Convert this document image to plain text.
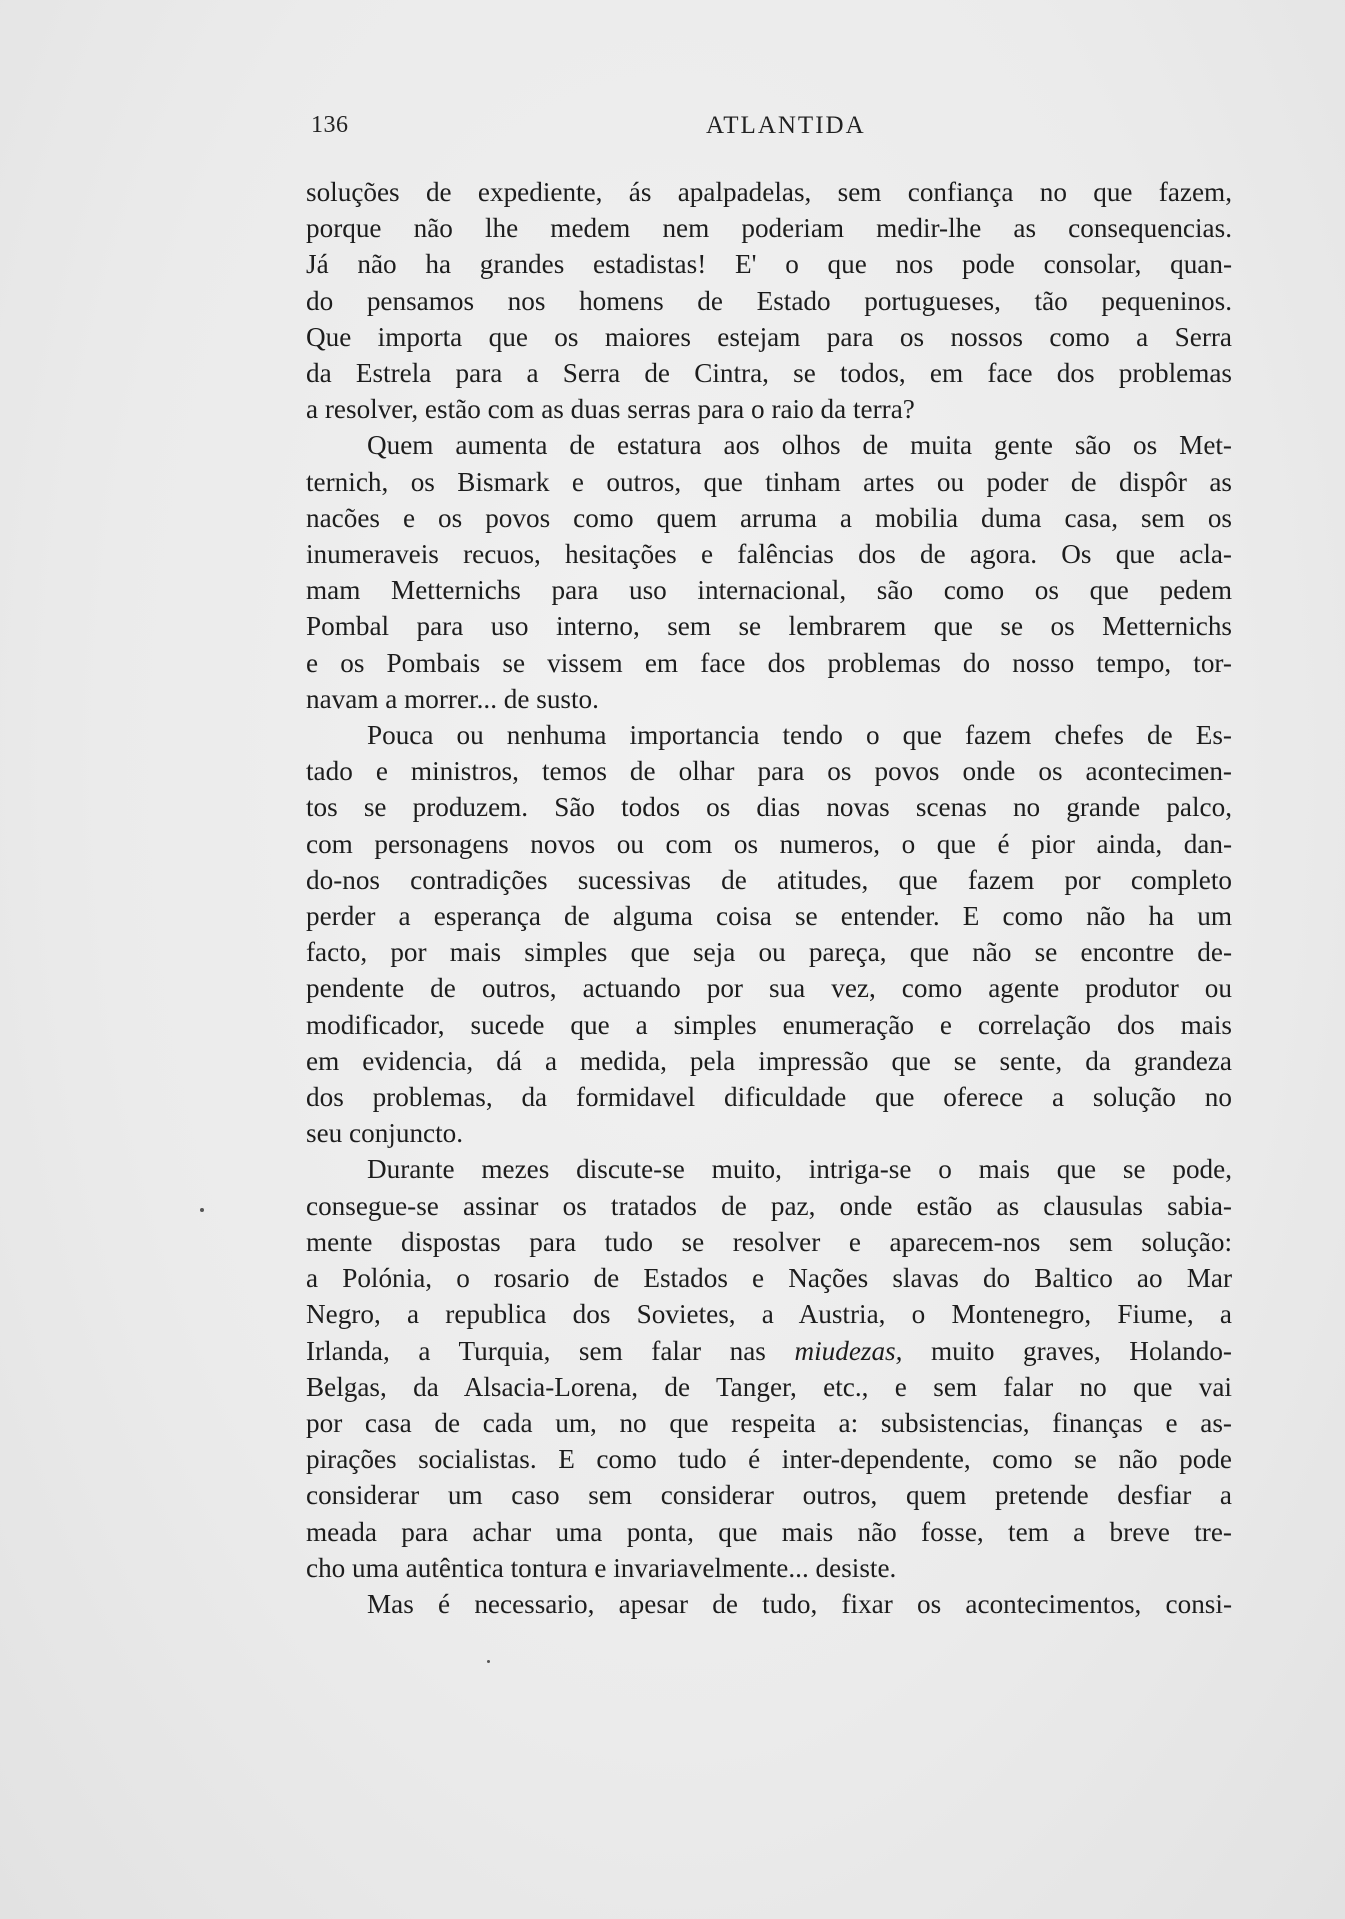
136	ATLANTIDA

soluções de expediente, ás apalpadelas, sem confiança no que fazem,
porque não lhe medem nem poderiam medir-lhe as consequencias.
Já não ha grandes estadistas! E' o que nos pode consolar, quan-
do pensamos nos homens de Estado portugueses, tão pequeninos.
Que importa que os maiores estejam para os nossos como a Serra
da Estrela para a Serra de Cintra, se todos, em face dos problemas
a resolver, estão com as duas serras para o raio da terra?

Quem aumenta de estatura aos olhos de muita gente são os Met-
ternich, os Bismark e outros, que tinham artes ou poder de dispôr as
nacões e os povos como quem arruma a mobilia duma casa, sem os
inumeraveis recuos, hesitações e falências dos de agora. Os que acla-
mam Metternichs para uso internacional, são como os que pedem
Pombal para uso interno, sem se lembrarem que se os Metternichs
e os Pombais se vissem em face dos problemas do nosso tempo, tor-
navam a morrer... de susto.

Pouca ou nenhuma importancia tendo o que fazem chefes de Es-
tado e ministros, temos de olhar para os povos onde os acontecimen-
tos se produzem. São todos os dias novas scenas no grande palco,
com personagens novos ou com os numeros, o que é pior ainda, dan-
do-nos contradições sucessivas de atitudes, que fazem por completo
perder a esperança de alguma coisa se entender. E como não ha um
facto, por mais simples que seja ou pareça, que não se encontre de-
pendente de outros, actuando por sua vez, como agente produtor ou
modificador, sucede que a simples enumeração e correlação dos mais
em evidencia, dá a medida, pela impressão que se sente, da grandeza
dos problemas, da formidavel dificuldade que oferece a solução no
seu conjuncto.

Durante mezes discute-se muito, intriga-se o mais que se pode,
consegue-se assinar os tratados de paz, onde estão as clausulas sabia-
mente dispostas para tudo se resolver e aparecem-nos sem solução:
a Polónia, o rosario de Estados e Nações slavas do Baltico ao Mar
Negro, a republica dos Sovietes, a Austria, o Montenegro, Fiume, a
Irlanda, a Turquia, sem falar nas miudezas, muito graves, Holando-
Belgas, da Alsacia-Lorena, de Tanger, etc., e sem falar no que vai
por casa de cada um, no que respeita a: subsistencias, finanças e as-
pirações socialistas. E como tudo é inter-dependente, como se não pode
considerar um caso sem considerar outros, quem pretende desfiar a
meada para achar uma ponta, que mais não fosse, tem a breve tre-
cho uma autêntica tontura e invariavelmente... desiste.

Mas é necessario, apesar de tudo, fixar os acontecimentos, consi-
